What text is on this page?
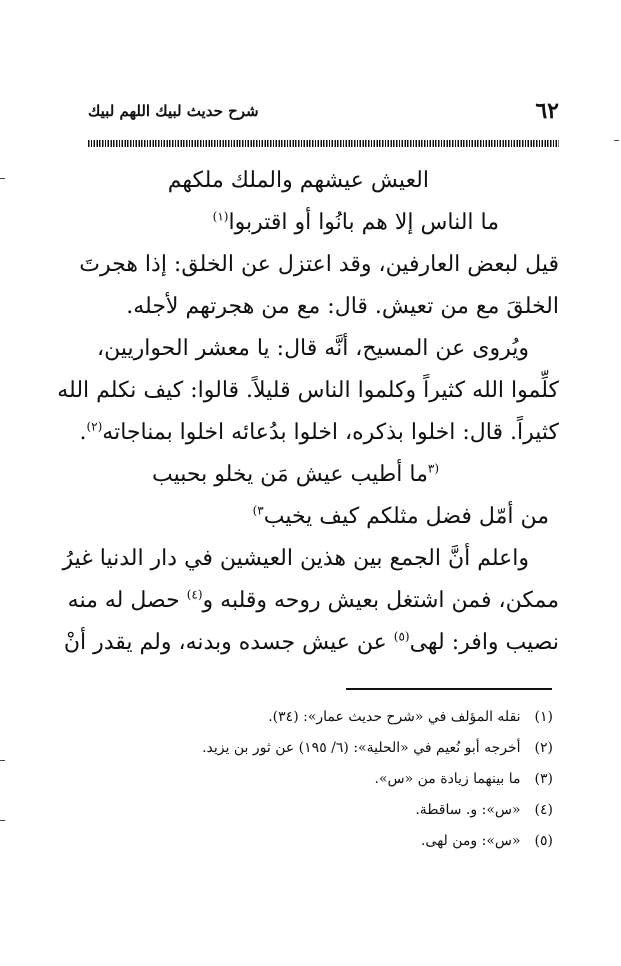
٦٢
شرح حديث لبيك اللهم لبيك
العيش عيشهم والملك ملكهم
ما الناس إلا هم بانُوا أو اقتربوا$^{(١)}$
قيل لبعض العارفين، وقد اعتزل عن الخلق: إذا هجرتَ
الخلقَ مع من تعيش. قال: مع من هجرتهم لأجله.
ويُروى عن المسيح، أنَّه قال: يا معشر الحواريين،
كلِّموا الله كثيراً وكلموا الناس قليلاً. قالوا: كيف نكلم الله
كثيراً. قال: اخلوا بذكره، اخلوا بدُعائه اخلوا بمناجاته$^{(٢)}$.
$^{(٣}$ما أطيب عيش مَن يخلو بحبيب
من أمّل فضل مثلكم كيف يخيب$^{٣)}$
واعلم أنَّ الجمع بين هذين العيشين في دار الدنيا غيرُ
ممكن، فمن اشتغل بعيش روحه وقلبه و$^{(٤)}$ حصل له منه
نصيب وافر: لهى$^{(٥)}$ عن عيش جسده وبدنه، ولم يقدر أنْ
(١) نقله المؤلف في «شرح حديث عمار»: (٣٤).
(٢) أخرجه أبو نُعيم في «الحلية»: (٦/ ١٩٥) عن ثور بن يزيد.
(٣) ما بينهما زيادة من «س».
(٤) «س»: و. ساقطة.
(٥) «س»: ومن لهى.
